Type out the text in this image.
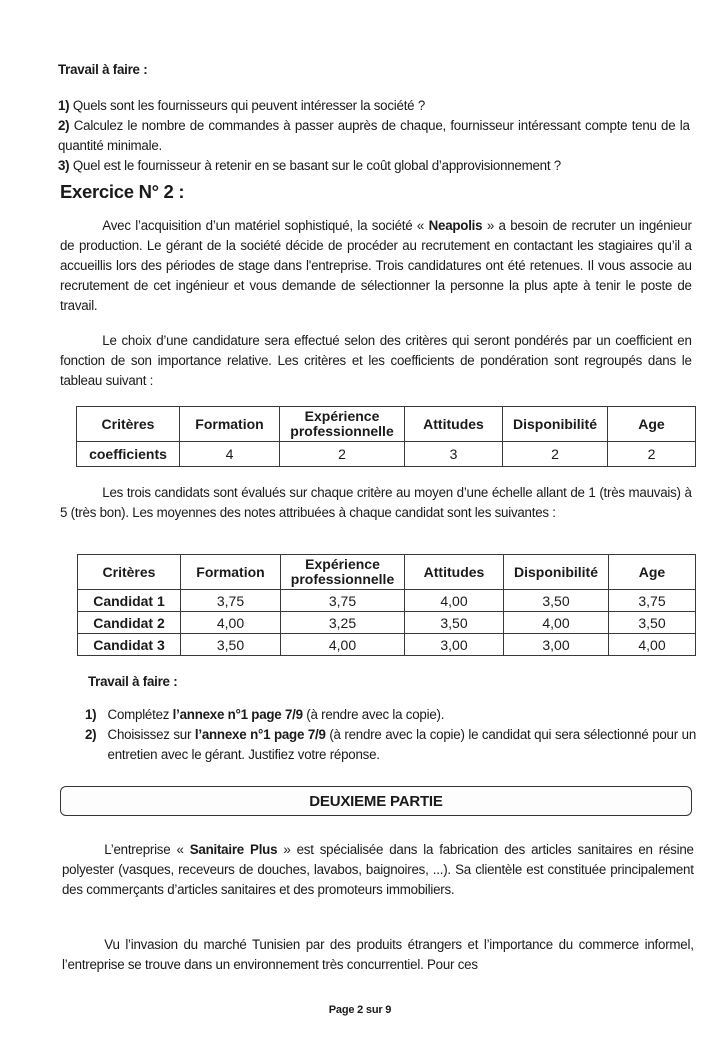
Travail à faire :
1) Quels sont les fournisseurs qui peuvent intéresser la société ?
2) Calculez le nombre de commandes à passer auprès de chaque, fournisseur intéressant compte tenu de la quantité minimale.
3) Quel est le fournisseur à retenir en se basant sur le coût global d’approvisionnement ?
Exercice N° 2 :
Avec l’acquisition d’un matériel sophistiqué, la société « Neapolis » a besoin de recruter un ingénieur de production. Le gérant de la société décide de procéder au recrutement en contactant les stagiaires qu’il a accueillis lors des périodes de stage dans l'entreprise. Trois candidatures ont été retenues. Il vous associe au recrutement de cet ingénieur et vous demande de sélectionner la personne la plus apte à tenir le poste de travail.
Le choix d’une candidature sera effectué selon des critères qui seront pondérés par un coefficient en fonction de son importance relative. Les critères et les coefficients de pondération sont regroupés dans le tableau suivant :
Critères	Formation	Expérience professionnelle	Attitudes	Disponibilité	Age
coefficients	4	2	3	2	2
Les trois candidats sont évalués sur chaque critère au moyen d’une échelle allant de 1 (très mauvais) à 5 (très bon). Les moyennes des notes attribuées à chaque candidat sont les suivantes :
Critères	Formation	Expérience professionnelle	Attitudes	Disponibilité	Age
Candidat 1	3,75	3,75	4,00	3,50	3,75
Candidat 2	4,00	3,25	3,50	4,00	3,50
Candidat 3	3,50	4,00	3,00	3,00	4,00
Travail à faire :
1) Complétez l’annexe n°1 page 7/9 (à rendre avec la copie).
2) Choisissez sur l’annexe n°1 page 7/9 (à rendre avec la copie) le candidat qui sera sélectionné pour un entretien avec le gérant. Justifiez votre réponse.
DEUXIEME PARTIE
L’entreprise « Sanitaire Plus » est spécialisée dans la fabrication des articles sanitaires en résine polyester (vasques, receveurs de douches, lavabos, baignoires, ...). Sa clientèle est constituée principalement des commerçants d’articles sanitaires et des promoteurs immobiliers.
Vu l’invasion du marché Tunisien par des produits étrangers et l’importance du commerce informel, l’entreprise se trouve dans un environnement très concurrentiel. Pour ces
Page 2 sur 9
